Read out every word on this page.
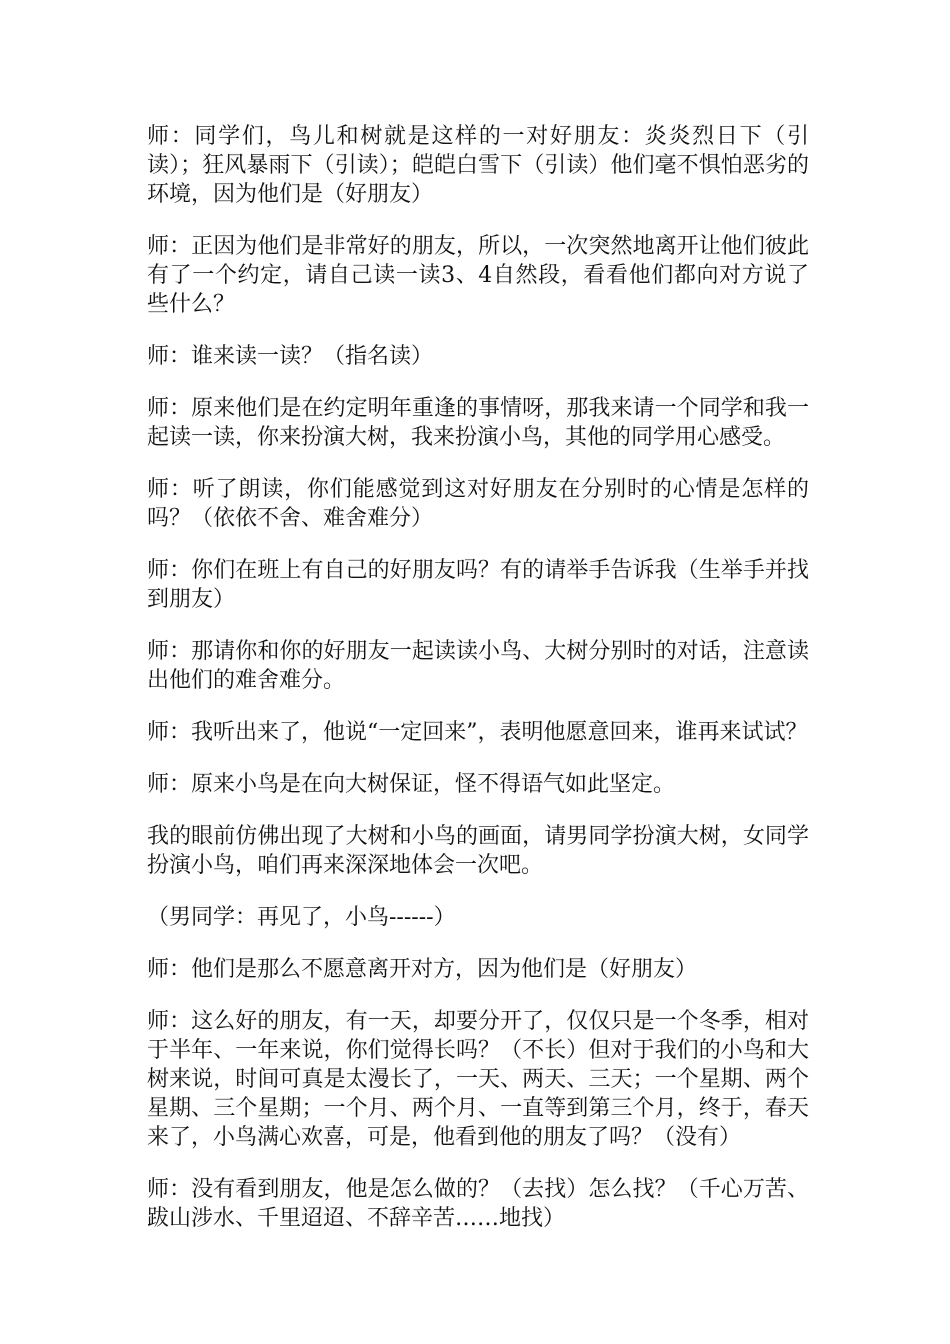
师：同学们，鸟儿和树就是这样的一对好朋友：炎炎烈日下（引读）；狂风暴雨下（引读）；皑皑白雪下（引读）他们毫不惧怕恶劣的环境，因为他们是（好朋友）

师：正因为他们是非常好的朋友，所以，一次突然地离开让他们彼此有了一个约定，请自己读一读3、4自然段，看看他们都向对方说了些什么？

师：谁来读一读？（指名读）

师：原来他们是在约定明年重逢的事情呀，那我来请一个同学和我一起读一读，你来扮演大树，我来扮演小鸟，其他的同学用心感受。

师：听了朗读，你们能感觉到这对好朋友在分别时的心情是怎样的吗？（依依不舍、难舍难分）

师：你们在班上有自己的好朋友吗？有的请举手告诉我（生举手并找到朋友）

师：那请你和你的好朋友一起读读小鸟、大树分别时的对话，注意读出他们的难舍难分。

师：我听出来了，他说“一定回来”，表明他愿意回来，谁再来试试？

师：原来小鸟是在向大树保证，怪不得语气如此坚定。

我的眼前仿佛出现了大树和小鸟的画面，请男同学扮演大树，女同学扮演小鸟，咱们再来深深地体会一次吧。

（男同学：再见了，小鸟------）

师：他们是那么不愿意离开对方，因为他们是（好朋友）

师：这么好的朋友，有一天，却要分开了，仅仅只是一个冬季，相对于半年、一年来说，你们觉得长吗？（不长）但对于我们的小鸟和大树来说，时间可真是太漫长了，一天、两天、三天；一个星期、两个星期、三个星期；一个月、两个月、一直等到第三个月，终于，春天来了，小鸟满心欢喜，可是，他看到他的朋友了吗？（没有）

师：没有看到朋友，他是怎么做的？（去找）怎么找？（千心万苦、跋山涉水、千里迢迢、不辞辛苦……地找）
